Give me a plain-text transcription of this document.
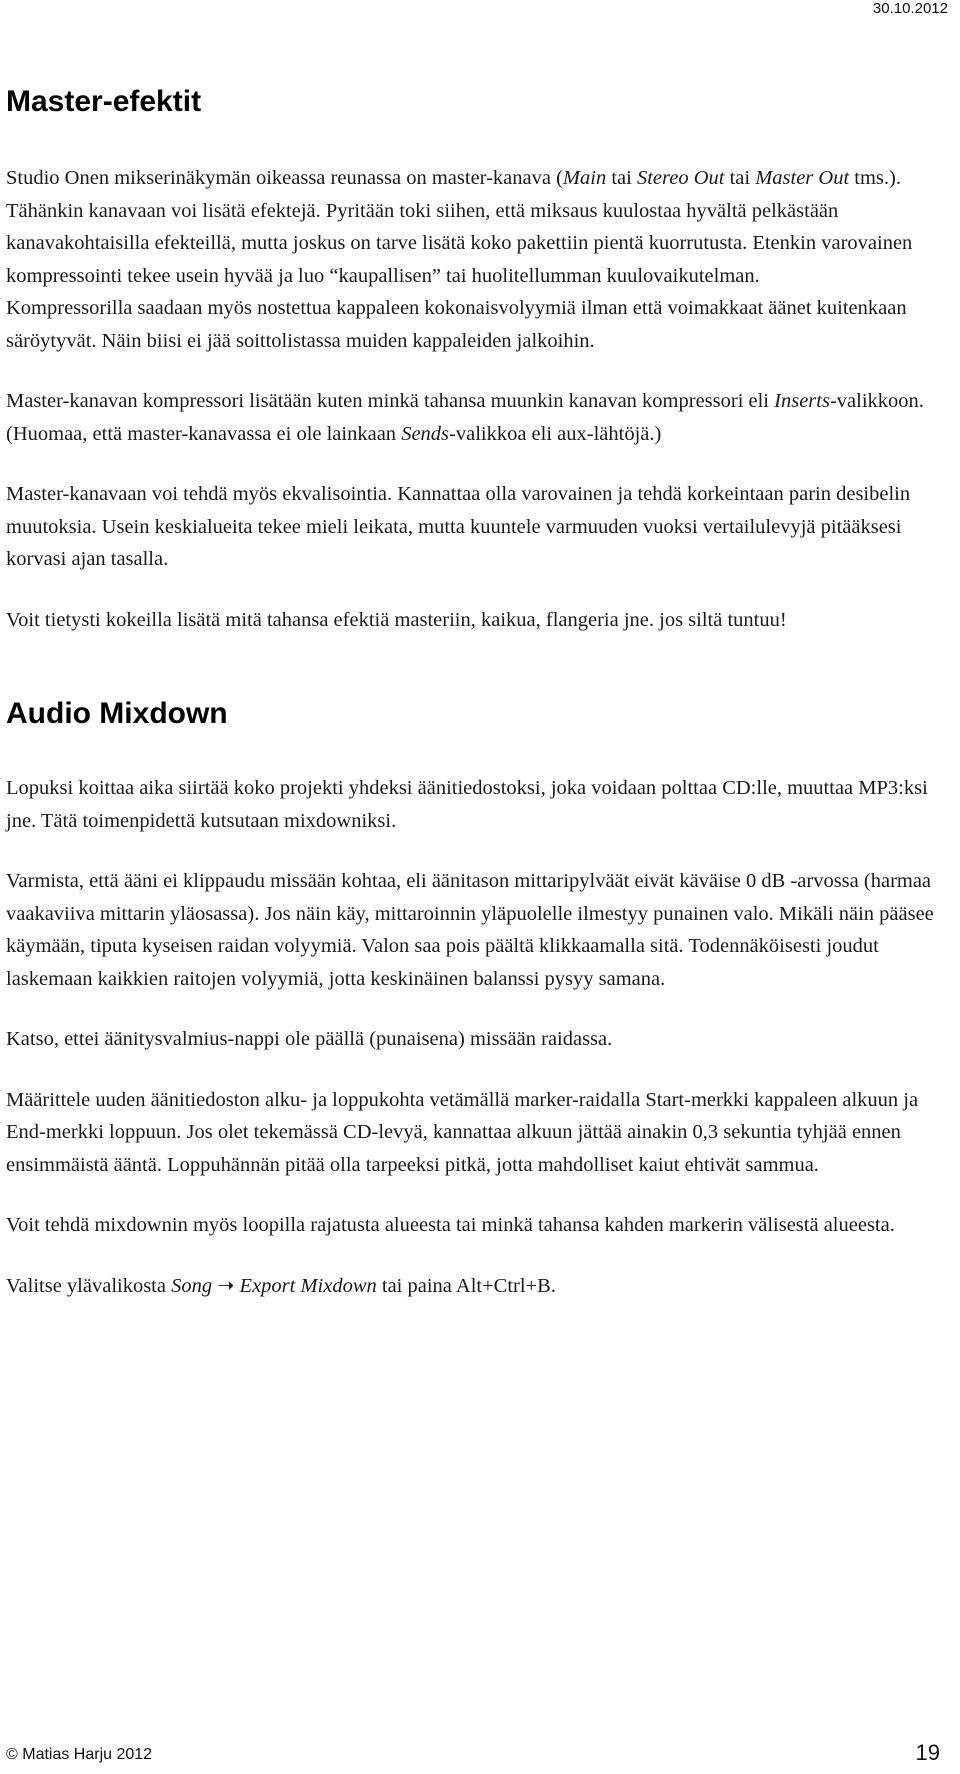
30.10.2012
Master-efektit

Studio Onen mikserinäkymän oikeassa reunassa on master-kanava (Main tai Stereo Out tai Master Out tms.). Tähänkin kanavaan voi lisätä efektejä. Pyritään toki siihen, että miksaus kuulostaa hyvältä pelkästään kanavakohtaisilla efekteillä, mutta joskus on tarve lisätä koko pakettiin pientä kuorrutusta. Etenkin varovainen kompressointi tekee usein hyvää ja luo “kaupallisen” tai huolitellumman kuulovaikutelman.

Kompressorilla saadaan myös nostettua kappaleen kokonaisvolyymiä ilman että voimakkaat äänet kuitenkaan säröytyvät. Näin biisi ei jää soittolistassa muiden kappaleiden jalkoihin.

Master-kanavan kompressori lisätään kuten minkä tahansa muunkin kanavan kompressori eli Inserts-valikkoon. (Huomaa, että master-kanavassa ei ole lainkaan Sends-valikkoa eli aux-lähtöjä.)

Master-kanavaan voi tehdä myös ekvalisointia. Kannattaa olla varovainen ja tehdä korkeintaan parin desibelin muutoksia. Usein keskialueita tekee mieli leikata, mutta kuuntele varmuuden vuoksi vertailulevyjä pitääksesi korvasi ajan tasalla.

Voit tietysti kokeilla lisätä mitä tahansa efektiä masteriin, kaikua, flangeria jne. jos siltä tuntuu!

Audio Mixdown

Lopuksi koittaa aika siirtää koko projekti yhdeksi äänitiedostoksi, joka voidaan polttaa CD:lle, muuttaa MP3:ksi jne. Tätä toimenpidettä kutsutaan mixdowniksi.

Varmista, että ääni ei klippaudu missään kohtaa, eli äänitason mittaripylväät eivät käväise 0 dB -arvossa (harmaa vaakaviiva mittarin yläosassa). Jos näin käy, mittaroinnin yläpuolelle ilmestyy punainen valo. Mikäli näin pääsee käymään, tiputa kyseisen raidan volyymiä. Valon saa pois päältä klikkaamalla sitä. Todennäköisesti joudut laskemaan kaikkien raitojen volyymiä, jotta keskinäinen balanssi pysyy samana.

Katso, ettei äänitysvalmius-nappi ole päällä (punaisena) missään raidassa.

Määrittele uuden äänitiedoston alku- ja loppukohta vetämällä marker-raidalla Start-merkki kappaleen alkuun ja End-merkki loppuun. Jos olet tekemässä CD-levyä, kannattaa alkuun jättää ainakin 0,3 sekuntia tyhjää ennen ensimmäistä ääntä. Loppuhännän pitää olla tarpeeksi pitkä, jotta mahdolliset kaiut ehtivät sammua.

Voit tehdä mixdownin myös loopilla rajatusta alueesta tai minkä tahansa kahden markerin välisestä alueesta.

Valitse ylävalikosta Song ➝ Export Mixdown tai paina Alt+Ctrl+B.

© Matias Harju 2012	19
